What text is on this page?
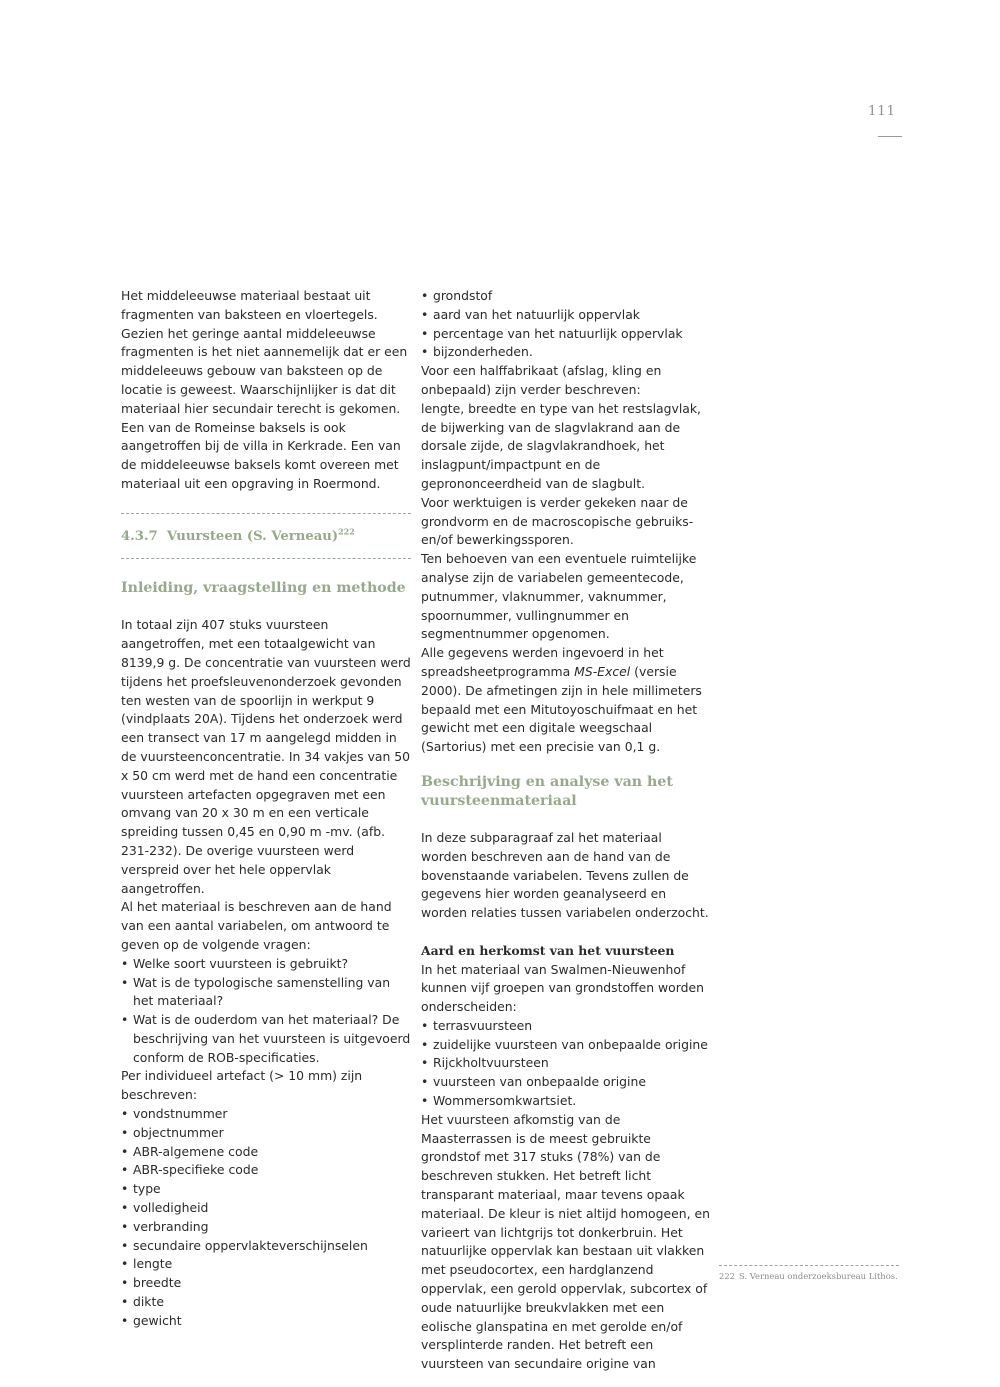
111

Het middeleeuwse materiaal bestaat uit fragmenten van baksteen en vloertegels. Gezien het geringe aantal middeleeuwse fragmenten is het niet aannemelijk dat er een middeleeuws gebouw van baksteen op de locatie is geweest. Waarschijnlijker is dat dit materiaal hier secundair terecht is gekomen.

Een van de Romeinse baksels is ook aangetroffen bij de villa in Kerkrade. Een van de middeleeuwse baksels komt overeen met materiaal uit een opgraving in Roermond.

4.3.7 Vuursteen (S. Verneau)$^{222}$
Inleiding, vraagstelling en methode

In totaal zijn 407 stuks vuursteen aangetroffen, met een totaalgewicht van 8139,9 g. De concentratie van vuursteen werd tijdens het proefsleuvenonderzoek gevonden ten westen van de spoorlijn in werkput 9 (vindplaats 20A). Tijdens het onderzoek werd een transect van 17 m aangelegd midden in de vuursteenconcentratie. In 34 vakjes van 50 x 50 cm werd met de hand een concentratie vuursteen artefacten opgegraven met een omvang van 20 x 30 m en een verticale spreiding tussen 0,45 en 0,90 m -mv. (afb. 231-232). De overige vuursteen werd verspreid over het hele oppervlak aangetroffen.

Al het materiaal is beschreven aan de hand van een aantal variabelen, om antwoord te geven op de volgende vragen:

• Welke soort vuursteen is gebruikt?
• Wat is de typologische samenstelling van het materiaal?
• Wat is de ouderdom van het materiaal? De beschrijving van het vuursteen is uitgevoerd conform de ROB-specificaties.

Per individueel artefact (> 10 mm) zijn beschreven:

• vondstnummer
• objectnummer
• ABR-algemene code
• ABR-specifieke code
• type
• volledigheid
• verbranding
• secundaire oppervlakteverschijnselen
• lengte
• breedte
• dikte
• gewicht
• grondstof
• aard van het natuurlijk oppervlak
• percentage van het natuurlijk oppervlak
• bijzonderheden.

Voor een halffabrikaat (afslag, kling en onbepaald) zijn verder beschreven:

lengte, breedte en type van het restslagvlak, de bijwerking van de slagvlakrand aan de dorsale zijde, de slagvlakrandhoek, het inslagpunt/impactpunt en de geprononceerdheid van de slagbult.

Voor werktuigen is verder gekeken naar de grondvorm en de macroscopische gebruiks- en/of bewerkingssporen.

Ten behoeven van een eventuele ruimtelijke analyse zijn de variabelen gemeentecode, putnummer, vlaknummer, vaknummer, spoornummer, vullingnummer en segmentnummer opgenomen.

Alle gegevens werden ingevoerd in het spreadsheetprogramma MS-Excel (versie 2000). De afmetingen zijn in hele millimeters bepaald met een Mitutoyoschuifmaat en het gewicht met een digitale weegschaal (Sartorius) met een precisie van 0,1 g.

Beschrijving en analyse van het vuursteenmateriaal

In deze subparagraaf zal het materiaal worden beschreven aan de hand van de bovenstaande variabelen. Tevens zullen de gegevens hier worden geanalyseerd en worden relaties tussen variabelen onderzocht.

Aard en herkomst van het vuursteen

In het materiaal van Swalmen-Nieuwenhof kunnen vijf groepen van grondstoffen worden onderscheiden:

• terrasvuursteen
• zuidelijke vuursteen van onbepaalde origine
• Rijckholtvuursteen
• vuursteen van onbepaalde origine
• Wommersomkwartsiet.

Het vuursteen afkomstig van de Maasterrassen is de meest gebruikte grondstof met 317 stuks (78%) van de beschreven stukken. Het betreft licht transparant materiaal, maar tevens opaak materiaal. De kleur is niet altijd homogeen, en varieert van lichtgrijs tot donkerbruin. Het natuurlijke oppervlak kan bestaan uit vlakken met pseudocortex, een hardglanzend oppervlak, een gerold oppervlak, subcortex of oude natuurlijke breukvlakken met een eolische glanspatina en met gerolde en/of versplinterde randen. Het betreft een vuursteen van secundaire origine van

222 S. Verneau onderzoeksbureau Lithos.
